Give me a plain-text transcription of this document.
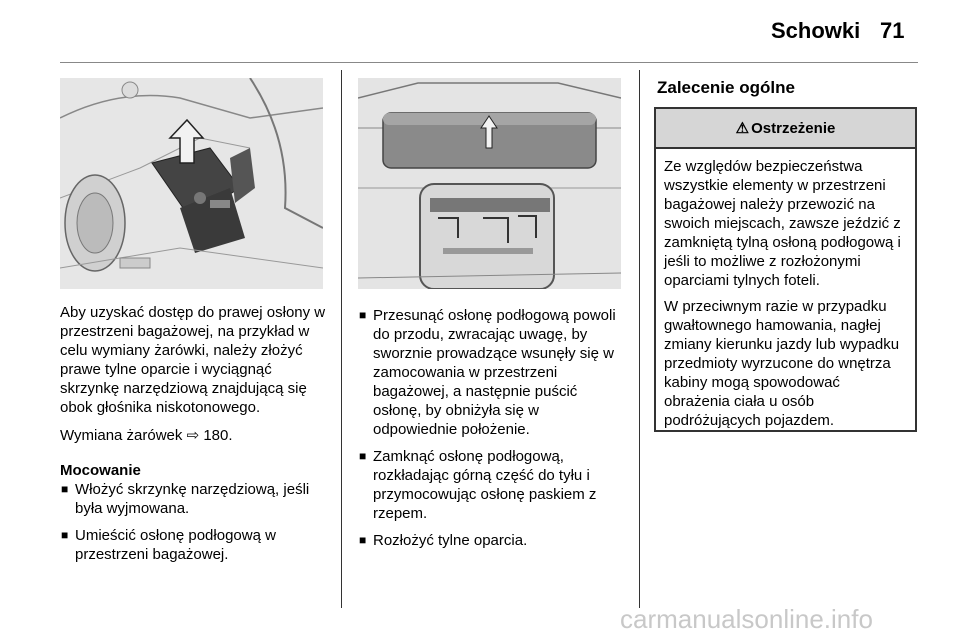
Schowki 71

Aby uzyskać dostęp do prawej osłony w przestrzeni bagażowej, na przykład w celu wymiany żarówki, należy złożyć prawe tylne oparcie i wyciągnąć skrzynkę narzędziową znajdującą się obok głośnika niskotonowego.

Wymiana żarówek ⇨ 180.

Mocowanie
■ Włożyć skrzynkę narzędziową, jeśli była wyjmowana.
■ Umieścić osłonę podłogową w przestrzeni bagażowej.
■ Przesunąć osłonę podłogową powoli do przodu, zwracając uwagę, by sworznie prowadzące wsunęły się w zamocowania w przestrzeni bagażowej, a następnie puścić osłonę, by obniżyła się w odpowiednie położenie.
■ Zamknąć osłonę podłogową, rozkładając górną część do tyłu i przymocowując osłonę paskiem z rzepem.
■ Rozłożyć tylne oparcia.
Zalecenie ogólne
⚠ Ostrzeżenie

Ze względów bezpieczeństwa wszystkie elementy w przestrzeni bagażowej należy przewozić na swoich miejscach, zawsze jeździć z zamkniętą tylną osłoną podłogową i jeśli to możliwe z rozłożonymi oparciami tylnych foteli.

W przeciwnym razie w przypadku gwałtownego hamowania, nagłej zmiany kierunku jazdy lub wypadku przedmioty wyrzucone do wnętrza kabiny mogą spowodować obrażenia ciała u osób podróżujących pojazdem.

carmanualsonline.info
